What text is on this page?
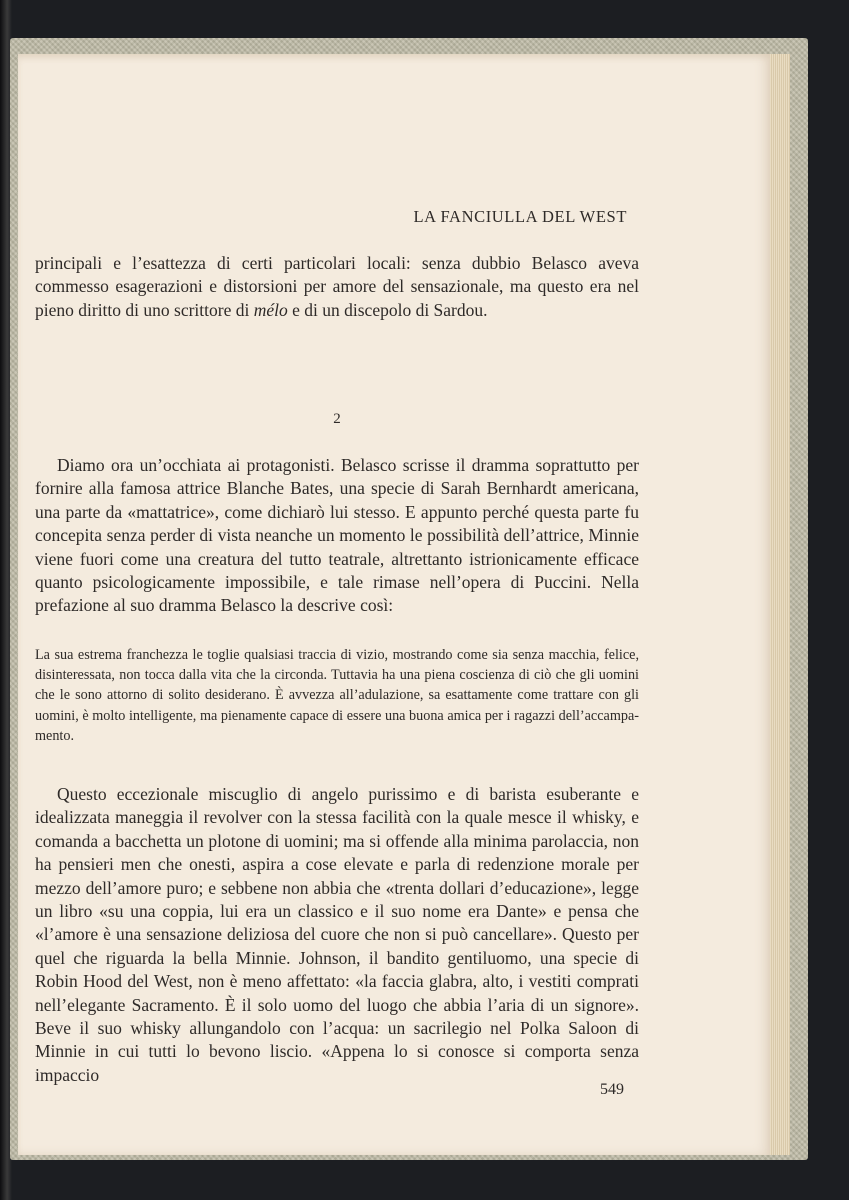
LA FANCIULLA DEL WEST

principali e l’esattezza di certi particolari locali: senza dubbio Belasco aveva commesso esagerazioni e distorsioni per amore del sensazionale, ma questo era nel pieno diritto di uno scrittore di mélo e di un discepolo di Sardou.

2

Diamo ora un’occhiata ai protagonisti. Belasco scrisse il dramma soprattutto per fornire alla famosa attrice Blanche Bates, una specie di Sarah Bernhardt americana, una parte da «mattatrice», come dichiarò lui stesso. E appunto perché questa parte fu concepita senza perder di vista neanche un momento le possibilità dell’attrice, Minnie viene fuori come una creatura del tutto teatrale, altrettanto istrionicamente efficace quanto psicologicamente impossibile, e tale rimase nell’opera di Puccini. Nella prefazione al suo dramma Belasco la descrive così:

La sua estrema franchezza le toglie qualsiasi traccia di vizio, mostrando come sia senza macchia, felice, disinteressata, non tocca dalla vita che la circonda. Tuttavia ha una piena coscienza di ciò che gli uomini che le sono attorno di solito desiderano. È avvezza all’adulazione, sa esattamente come trattare con gli uomini, è molto intelligente, ma pienamente capace di essere una buona amica per i ragazzi dell’accampamento.

Questo eccezionale miscuglio di angelo purissimo e di barista esuberante e idealizzata maneggia il revolver con la stessa facilità con la quale mesce il whisky, e comanda a bacchetta un plotone di uomini; ma si offende alla minima parolaccia, non ha pensieri men che onesti, aspira a cose elevate e parla di redenzione morale per mezzo dell’amore puro; e sebbene non abbia che «trenta dollari d’educazione», legge un libro «su una coppia, lui era un classico e il suo nome era Dante» e pensa che «l’amore è una sensazione deliziosa del cuore che non si può cancellare». Questo per quel che riguarda la bella Minnie. Johnson, il bandito gentiluomo, una specie di Robin Hood del West, non è meno affettato: «la faccia glabra, alto, i vestiti comprati nell’elegante Sacramento. È il solo uomo del luogo che abbia l’aria di un signore». Beve il suo whisky allungandolo con l’acqua: un sacrilegio nel Polka Saloon di Minnie in cui tutti lo bevono liscio. «Appena lo si conosce si comporta senza impaccio

549
